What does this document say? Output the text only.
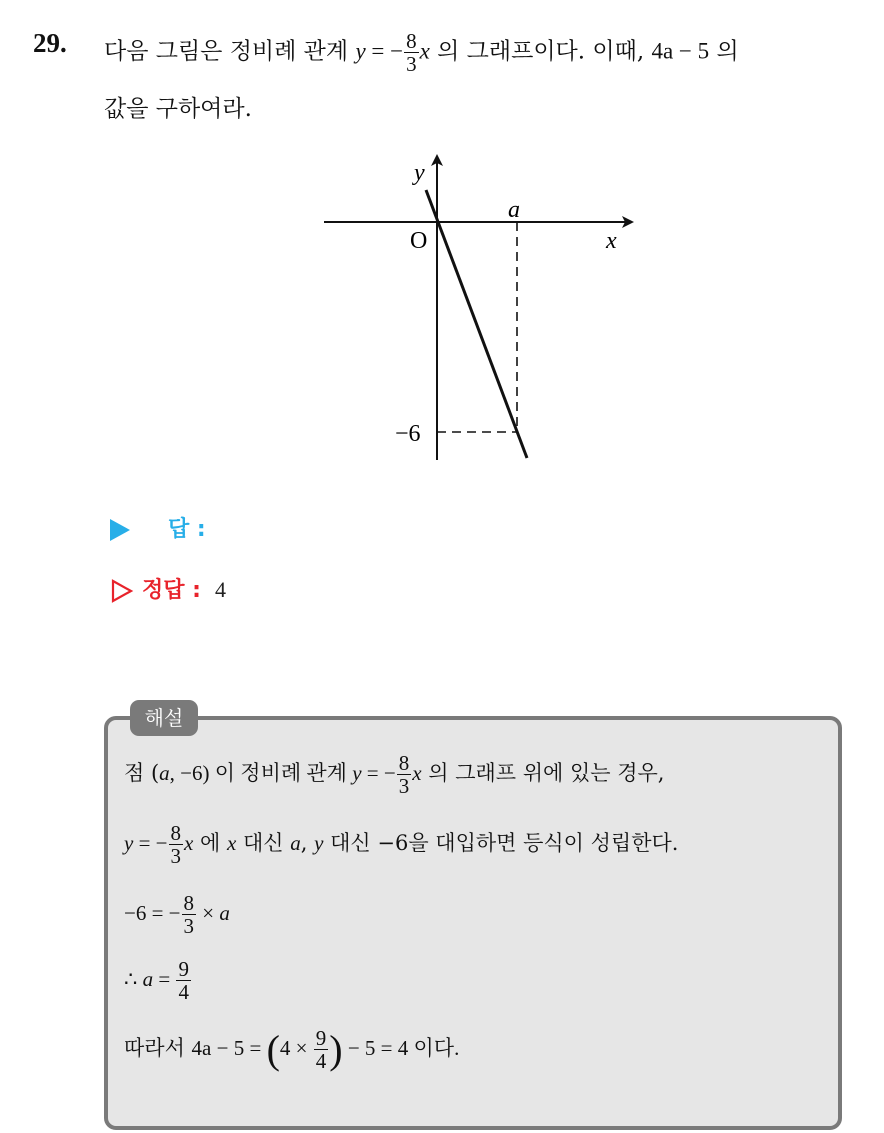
29. 다음 그림은 정비례 관계 y = − $\frac{8}{3}$ x 의 그래프이다. 이때, 4a − 5 의
값을 구하여라.
y
x
O
a
−6
답 :
정답 : 4
해설
점 (a, −6) 이 정비례 관계 y = − $\frac{8}{3}$ x 의 그래프 위에 있는 경우,
y = − $\frac{8}{3}$ x 에 x 대신 a, y 대신 −6을 대입하면 등식이 성립한다.
−6 = − $\frac{8}{3} \times a$
∴ $a = \frac{9}{4}$
따라서 $4a - 5 = (4 \times \frac{9}{4}$ ) − 5 = 4 이다.
